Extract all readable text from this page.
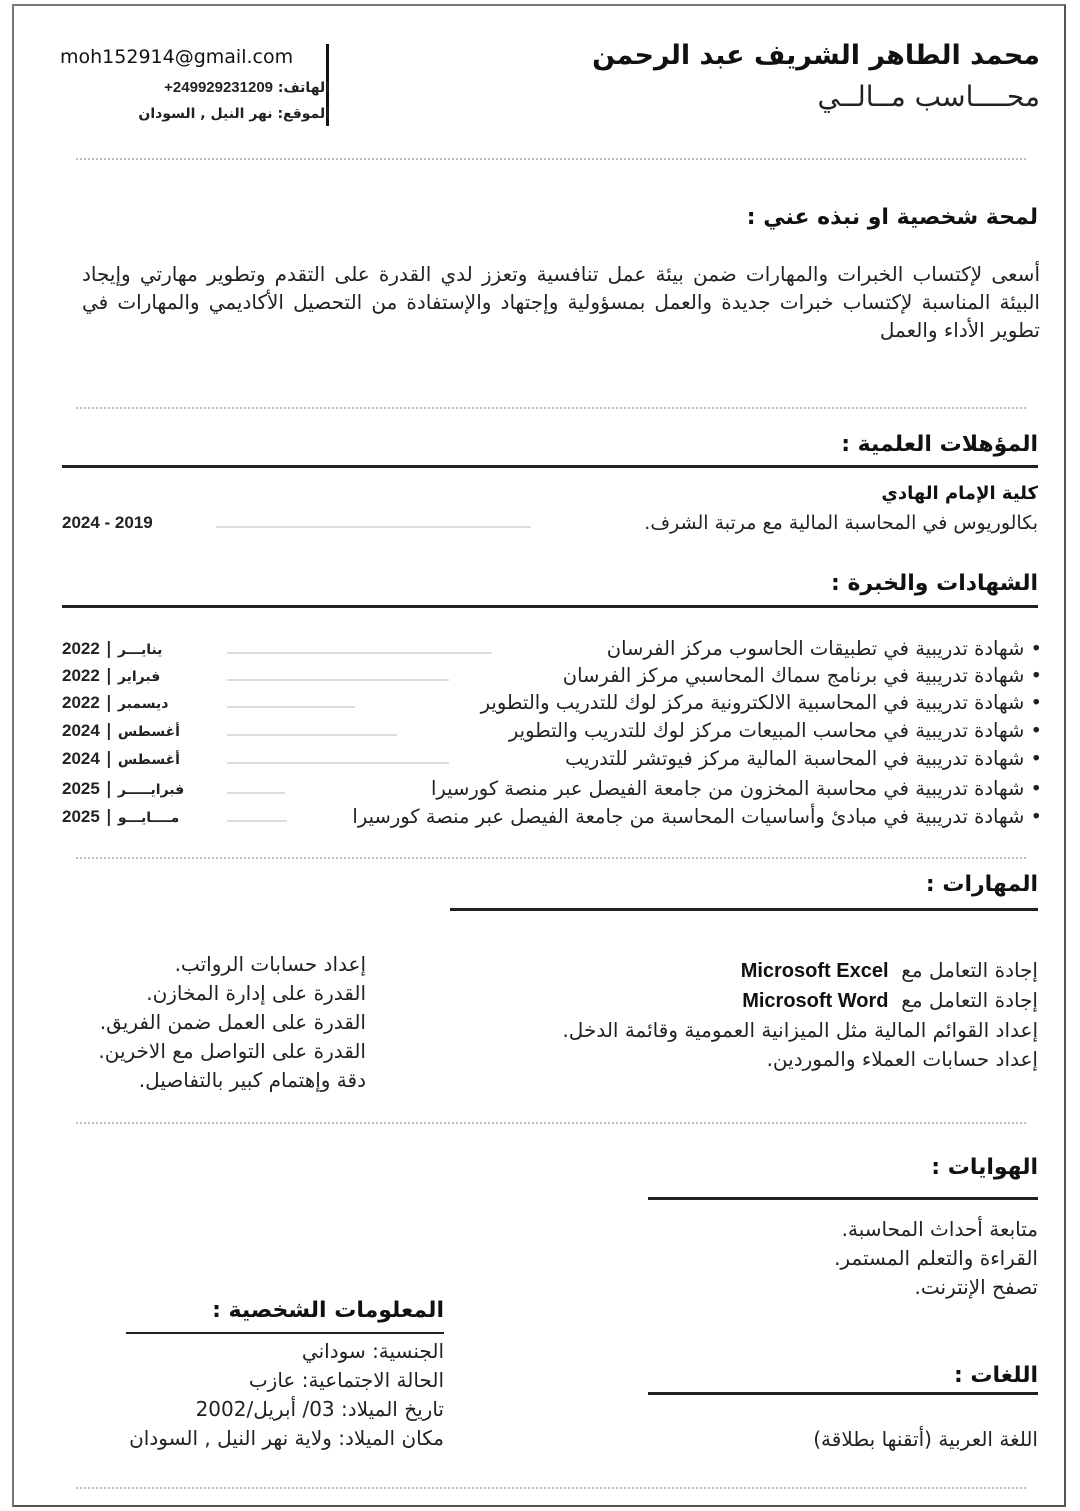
محمد الطاهر الشريف عبد الرحمن
محــــاسب مــالــي
moh152914@gmail.com
الهاتف: +249929231209
الموقع: نهر النيل , السودان
لمحة شخصية او نبذه عني :
أسعى لإكتساب الخبرات والمهارات ضمن بيئة عمل تنافسية وتعزز لدي القدرة على التقدم وتطوير مهارتي وإيجاد البيئة المناسبة لإكتساب خبرات جديدة والعمل بمسؤولية وإجتهاد والإستفادة من التحصيل الأكاديمي والمهارات في تطوير الأداء والعمل
المؤهلات العلمية :
كلية الإمام الهادي
بكالوريوس في المحاسبة المالية مع مرتبة الشرف.
2024 - 2019
الشهادات والخبرة :
• شهادة تدريبية في تطبيقات الحاسوب مركز الفرسان
2022 | ينايـــر
• شهادة تدريبية في برنامج سماك المحاسبي مركز الفرسان
2022 | فبراير
• شهادة تدريبية في المحاسبية الالكترونية مركز لوك للتدريب والتطوير
2022 | ديسمبر
• شهادة تدريبية في محاسب المبيعات مركز لوك للتدريب والتطوير
2024 | أغسطس
• شهادة تدريبية في المحاسبة المالية مركز فيوتشر للتدريب
2024 | أغسطس
• شهادة تدريبية في محاسبة المخزون من جامعة الفيصل عبر منصة كورسيرا
2025 | فبرايـــــر
• شهادة تدريبية في مبادئ وأساسيات المحاسبة من جامعة الفيصل عبر منصة كورسيرا
2025 | مــــايـــو
المهارات :
إجادة التعامل مع  Microsoft Excel
إجادة التعامل مع  Microsoft Word
إعداد القوائم المالية مثل الميزانية العمومية وقائمة الدخل.
إعداد حسابات العملاء والموردين.
إعداد حسابات الرواتب.
القدرة على إدارة المخازن.
القدرة على العمل ضمن الفريق.
القدرة على التواصل مع الاخرين.
دقة وإهتمام كبير بالتفاصيل.
الهوايات :
متابعة أحداث المحاسبة.
القراءة والتعلم المستمر.
تصفح الإنترنت.
المعلومات الشخصية :
الجنسية: سوداني
الحالة الاجتماعية: عازب
تاريخ الميلاد: 03/ أبريل/2002
مكان الميلاد: ولاية نهر النيل , السودان
اللغات :
اللغة العربية (أتقنها بطلاقة)
